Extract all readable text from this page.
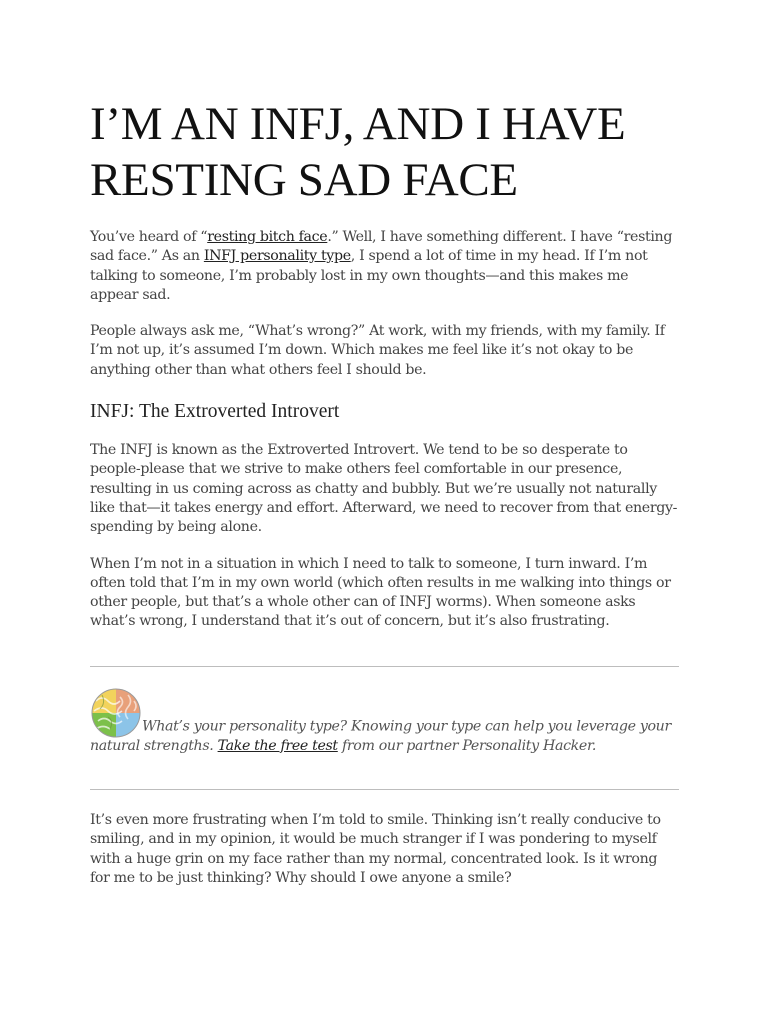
I’M AN INFJ, AND I HAVE RESTING SAD FACE

You’ve heard of “resting bitch face.” Well, I have something different. I have “resting sad face.” As an INFJ personality type, I spend a lot of time in my head. If I’m not talking to someone, I’m probably lost in my own thoughts—and this makes me appear sad.

People always ask me, “What’s wrong?” At work, with my friends, with my family. If I’m not up, it’s assumed I’m down. Which makes me feel like it’s not okay to be anything other than what others feel I should be.

INFJ: The Extroverted Introvert

The INFJ is known as the Extroverted Introvert. We tend to be so desperate to people-please that we strive to make others feel comfortable in our presence, resulting in us coming across as chatty and bubbly. But we’re usually not naturally like that—it takes energy and effort. Afterward, we need to recover from that energy-spending by being alone.

When I’m not in a situation in which I need to talk to someone, I turn inward. I’m often told that I’m in my own world (which often results in me walking into things or other people, but that’s a whole other can of INFJ worms). When someone asks what’s wrong, I understand that it’s out of concern, but it’s also frustrating.

What’s your personality type? Knowing your type can help you leverage your natural strengths. Take the free test from our partner Personality Hacker.

It’s even more frustrating when I’m told to smile. Thinking isn’t really conducive to smiling, and in my opinion, it would be much stranger if I was pondering to myself with a huge grin on my face rather than my normal, concentrated look. Is it wrong for me to be just thinking? Why should I owe anyone a smile?
